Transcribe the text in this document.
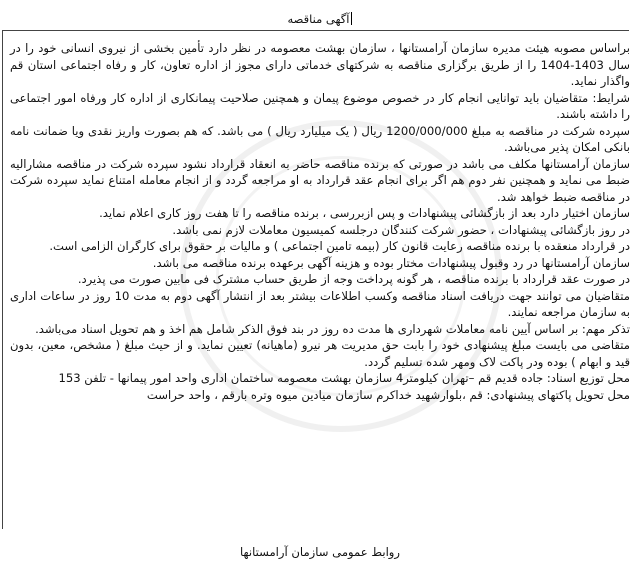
آگهی مناقصه

براساس مصوبه هیئت مدیره سازمان آرامستانها ، سازمان بهشت معصومه در نظر دارد تأمین بخشی از نیروی انسانی خود را در سال 1403-1404 را از طریق برگزاری مناقصه به شرکتهای خدماتی دارای مجوز از اداره تعاون، کار و رفاه اجتماعی استان قم واگذار نماید.

شرایط: متقاضیان باید توانایی انجام کار در خصوص موضوع پیمان و همچنین صلاحیت پیمانکاری از اداره کار ورفاه امور اجتماعی را داشته باشند.

سپرده شرکت در مناقصه به مبلغ 1200/000/000 ریال ( یک میلیارد ریال ) می باشد. که هم بصورت واریز نقدی ویا ضمانت نامه بانکی امکان پذیر می‌باشد.

سازمان آرامستانها مکلف می باشد در صورتی که برنده مناقصه حاضر به انعقاد قرارداد نشود سپرده شرکت در مناقصه مشارالیه ضبط می نماید و همچنین نفر دوم هم اگر برای انجام عقد قرارداد به او مراجعه گردد و از انجام معامله امتناع نماید سپرده شرکت در مناقصه ضبط خواهد شد.

سازمان اختیار دارد بعد از بازگشائی پیشنهادات و پس ازبررسی ، برنده مناقصه را تا هفت روز کاری اعلام نماید.

در روز بازگشائی پیشنهادات ، حضور شرکت کنندگان درجلسه کمیسیون معاملات لازم نمی باشد.

در قرارداد منعقده با برنده مناقصه رعایت قانون کار (بیمه تامین اجتماعی ) و مالیات بر حقوق برای کارگران الزامی است.

سازمان آرامستانها در رد وقبول پیشنهادات مختار بوده و هزینه آگهی برعهده برنده مناقصه می باشد.

در صورت عقد قرارداد با برنده مناقصه ، هر گونه پرداخت وجه از طریق حساب مشترک فی مابین صورت می پذیرد.

متقاضیان می توانند جهت دریافت اسناد مناقصه وکسب اطلاعات بیشتر بعد از انتشار آگهی دوم به مدت 10 روز در ساعات اداری به سازمان مراجعه نمایند.

تذکر مهم: بر اساس آیین نامه معاملات شهرداری ها مدت ده روز در بند فوق الذکر شامل هم اخذ و هم تحویل اسناد می‌باشد.

متقاضی می بایست مبلغ پیشنهادی خود را بابت حق مدیریت هر نیرو (ماهیانه) تعیین نماید. و از حیث مبلغ ( مشخص، معین، بدون قید و ابهام ) بوده ودر پاکت لاک ومهر شده تسلیم گردد.

محل توزیع اسناد: جاده قدیم قم –تهران کیلومتر4 سازمان بهشت معصومه ساختمان اداری واحد امور پیمانها - تلفن 153

محل تحویل پاکتهای پیشنهادی: قم ،بلوارشهید خداکرم سازمان میادین میوه وتره بارقم ، واحد حراست

روابط عمومی سازمان آرامستانها
